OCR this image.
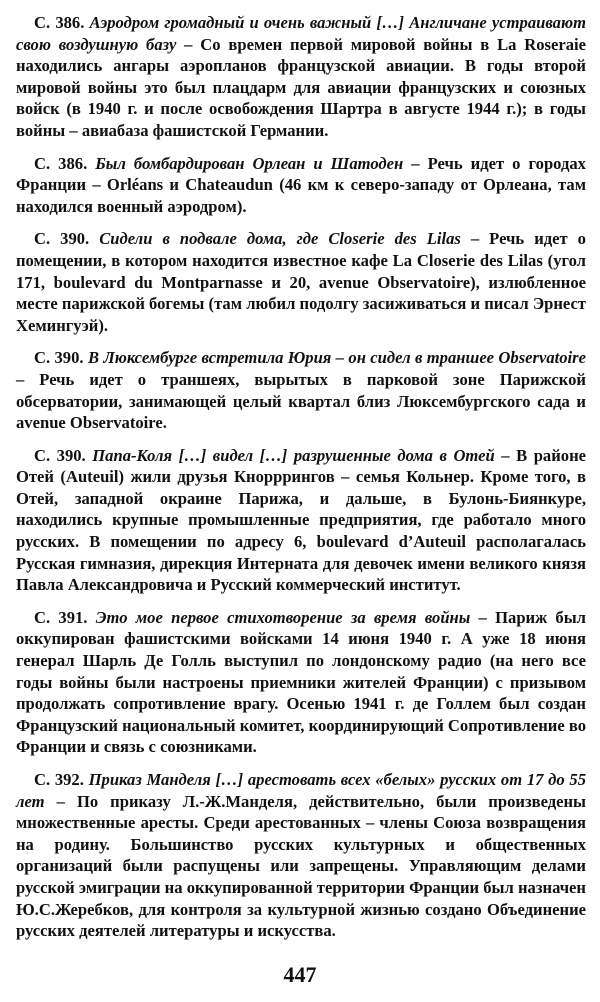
С. 386. Аэродром громадный и очень важный […] Англичане устраивают свою воздушную базу – Со времен первой мировой войны в La Roseraie находились ангары аэропланов французской авиации. В годы второй мировой войны это был плацдарм для авиации французских и союзных войск (в 1940 г. и после освобождения Шартра в августе 1944 г.); в годы войны – авиабаза фашистской Германии.

С. 386. Был бомбардирован Орлеан и Шатоден – Речь идет о городах Франции – Orléans и Chateaudun (46 км к северо-западу от Орлеана, там находился военный аэродром).

С. 390. Сидели в подвале дома, где Closerie des Lilas – Речь идет о помещении, в котором находится известное кафе La Closerie des Lilas (угол 171, boulevard du Montparnasse и 20, avenue Observatoire), излюбленное месте парижской богемы (там любил подолгу засиживаться и писал Эрнест Хемингуэй).

С. 390. В Люксембурге встретила Юрия – он сидел в траншее Observatoire – Речь идет о траншеях, вырытых в парковой зоне Парижской обсерватории, занимающей целый квартал близ Люксембургского сада и avenue Observatoire.

С. 390. Папа-Коля […] видел […] разрушенные дома в Отей – В районе Отей (Auteuil) жили друзья Кнорррингов – семья Кольнер. Кроме того, в Отей, западной окраине Парижа, и дальше, в Булонь-Биянкуре, находились крупные промышленные предприятия, где работало много русских. В помещении по адресу 6, boulevard d’Auteuil располагалась Русская гимназия, дирекция Интерната для девочек имени великого князя Павла Александровича и Русский коммерческий институт.

С. 391. Это мое первое стихотворение за время войны – Париж был оккупирован фашистскими войсками 14 июня 1940 г. А уже 18 июня генерал Шарль Де Голль выступил по лондонскому радио (на него все годы войны были настроены приемники жителей Франции) с призывом продолжать сопротивление врагу. Осенью 1941 г. де Голлем был создан Французский национальный комитет, координирующий Сопротивление во Франции и связь с союзниками.

С. 392. Приказ Манделя […] арестовать всех «белых» русских от 17 до 55 лет – По приказу Л.-Ж.Манделя, действительно, были произведены множественные аресты. Среди арестованных – члены Союза возвращения на родину. Большинство русских культурных и общественных организаций были распущены или запрещены. Управляющим делами русской эмиграции на оккупированной территории Франции был назначен Ю.С.Жеребков, для контроля за культурной жизнью создано Объединение русских деятелей литературы и искусства.

447
